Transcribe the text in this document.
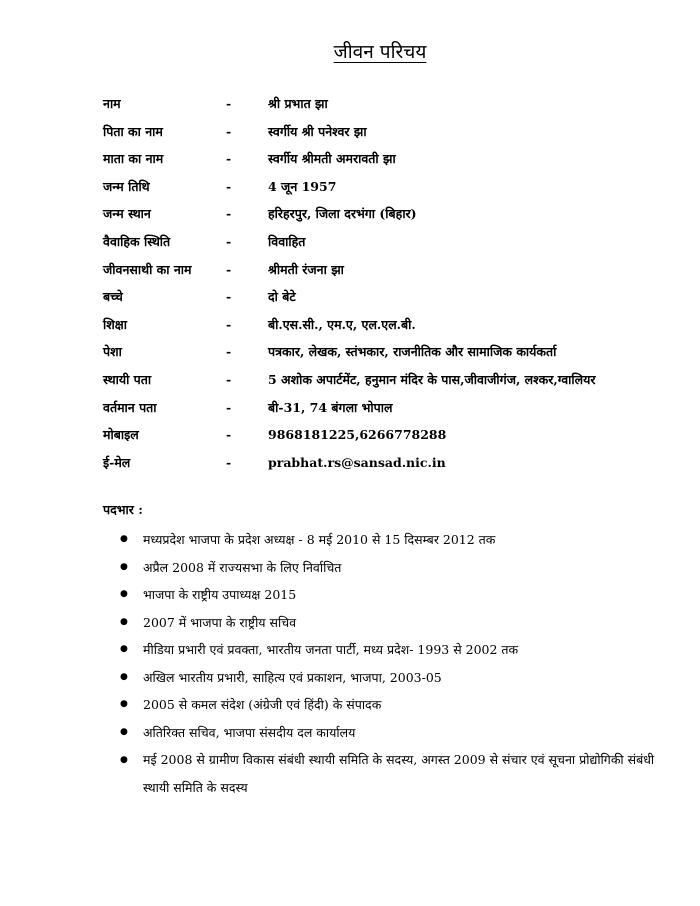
जीवन परिचय
नाम	-	श्री प्रभात झा
पिता का नाम	-	स्वर्गीय श्री पनेश्वर झा
माता का नाम	-	स्वर्गीय श्रीमती अमरावती झा
जन्म तिथि	-	4 जून 1957
जन्म स्थान	-	हरिहरपुर, जिला दरभंगा (बिहार)
वैवाहिक स्थिति	-	विवाहित
जीवनसाथी का नाम	-	श्रीमती रंजना झा
बच्चे	-	दो बेटे
शिक्षा	-	बी.एस.सी., एम.ए, एल.एल.बी.
पेशा	-	पत्रकार, लेखक, स्तंभकार, राजनीतिक और सामाजिक कार्यकर्ता
स्थायी पता	-	5 अशोक अपार्टमेंट, हनुमान मंदिर के पास,जीवाजीगंज, लश्कर,ग्वालियर
वर्तमान पता	-	बी-31, 74 बंगला भोपाल
मोबाइल	-	9868181225,6266778288
ई-मेल	-	prabhat.rs@sansad.nic.in
पदभार :
● मध्यप्रदेश भाजपा के प्रदेश अध्यक्ष - 8 मई 2010 से 15 दिसम्बर 2012 तक
● अप्रैल 2008 में राज्यसभा के लिए निर्वाचित
● भाजपा के राष्ट्रीय उपाध्यक्ष 2015
● 2007 में भाजपा के राष्ट्रीय सचिव
● मीडिया प्रभारी एवं प्रवक्ता, भारतीय जनता पार्टी, मध्य प्रदेश- 1993 से 2002 तक
● अखिल भारतीय प्रभारी, साहित्य एवं प्रकाशन, भाजपा, 2003-05
● 2005 से कमल संदेश (अंग्रेजी एवं हिंदी) के संपादक
● अतिरिक्त सचिव, भाजपा संसदीय दल कार्यालय
● मई 2008 से ग्रामीण विकास संबंधी स्थायी समिति के सदस्य, अगस्त 2009 से संचार एवं सूचना प्रोद्योगिकी संबंधी स्थायी समिति के सदस्य
